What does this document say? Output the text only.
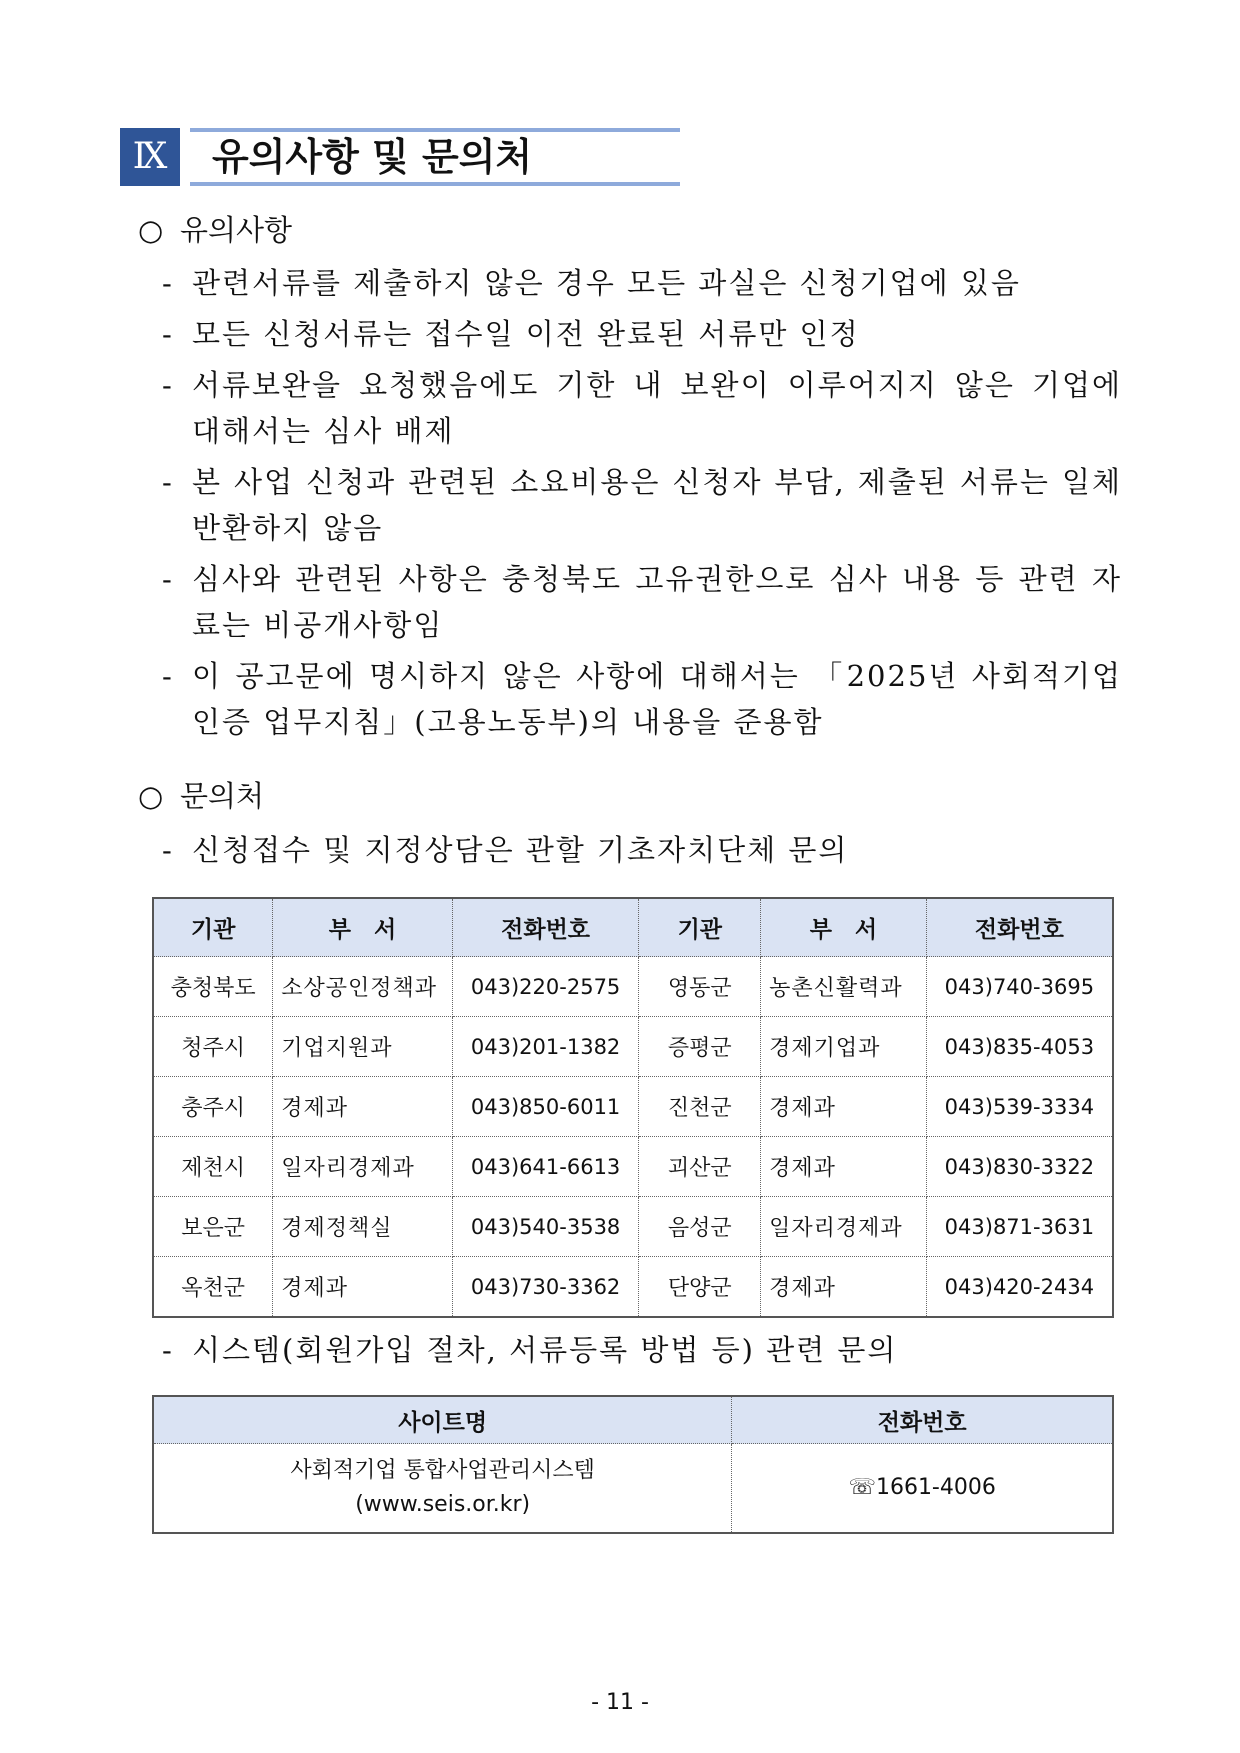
Ⅸ	유의사항 및 문의처
○ 유의사항
- 관련서류를 제출하지 않은 경우 모든 과실은 신청기업에 있음
- 모든 신청서류는 접수일 이전 완료된 서류만 인정
- 서류보완을 요청했음에도 기한 내 보완이 이루어지지 않은 기업에 대해서는 심사 배제
- 본 사업 신청과 관련된 소요비용은 신청자 부담, 제출된 서류는 일체 반환하지 않음
- 심사와 관련된 사항은 충청북도 고유권한으로 심사 내용 등 관련 자료는 비공개사항임
- 이 공고문에 명시하지 않은 사항에 대해서는 「2025년 사회적기업 인증 업무지침」(고용노동부)의 내용을 준용함
○ 문의처
- 신청접수 및 지정상담은 관할 기초자치단체 문의
기관	부　서	전화번호	기관	부　서	전화번호
충청북도	소상공인정책과	043)220-2575	영동군	농촌신활력과	043)740-3695
청주시	기업지원과	043)201-1382	증평군	경제기업과	043)835-4053
충주시	경제과	043)850-6011	진천군	경제과	043)539-3334
제천시	일자리경제과	043)641-6613	괴산군	경제과	043)830-3322
보은군	경제정책실	043)540-3538	음성군	일자리경제과	043)871-3631
옥천군	경제과	043)730-3362	단양군	경제과	043)420-2434
- 시스템(회원가입 절차, 서류등록 방법 등) 관련 문의
사이트명	전화번호

사회적기업 통합사업관리시스템
(www.seis.or.kr)	☏1661-4006
- 11 -
